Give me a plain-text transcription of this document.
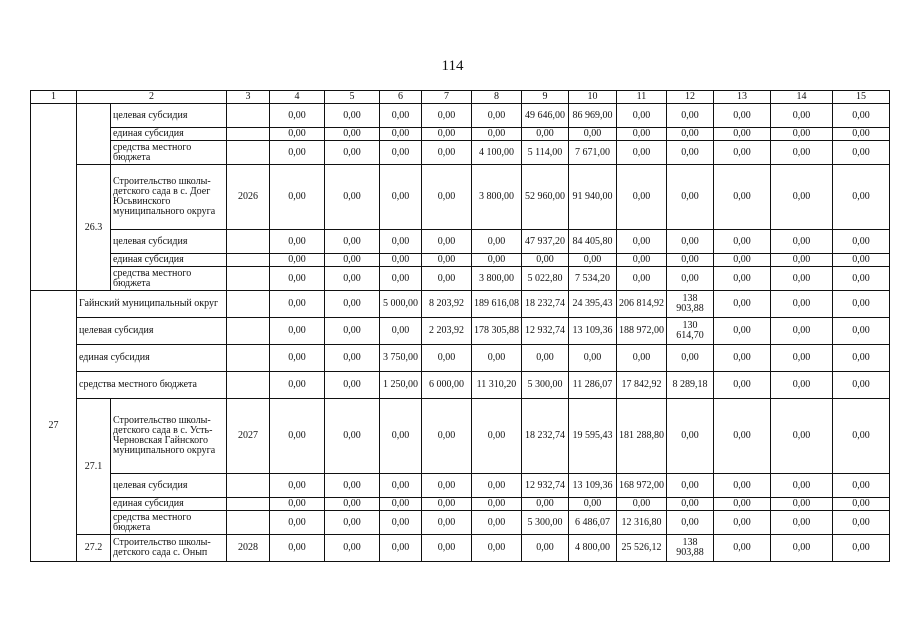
114
1	2		3	4	5	6	7	8	9	10	11	12	13	14	15
		целевая субсидия		0,00	0,00	0,00	0,00	0,00	49 646,00	86 969,00	0,00	0,00	0,00	0,00	0,00
		единая субсидия		0,00	0,00	0,00	0,00	0,00	0,00	0,00	0,00	0,00	0,00	0,00	0,00
		средства местного бюджета		0,00	0,00	0,00	0,00	4 100,00	5 114,00	7 671,00	0,00	0,00	0,00	0,00	0,00
	26.3	Строительство школы-детского сада в с. Доег Юсьвинского муниципального округа	2026	0,00	0,00	0,00	0,00	3 800,00	52 960,00	91 940,00	0,00	0,00	0,00	0,00	0,00
		целевая субсидия		0,00	0,00	0,00	0,00	0,00	47 937,20	84 405,80	0,00	0,00	0,00	0,00	0,00
		единая субсидия		0,00	0,00	0,00	0,00	0,00	0,00	0,00	0,00	0,00	0,00	0,00	0,00
		средства местного бюджета		0,00	0,00	0,00	0,00	3 800,00	5 022,80	7 534,20	0,00	0,00	0,00	0,00	0,00
27	Гайнский муниципальный округ			0,00	0,00	5 000,00	8 203,92	189 616,08	18 232,74	24 395,43	206 814,92	138 903,88	0,00	0,00	0,00
	целевая субсидия			0,00	0,00	0,00	2 203,92	178 305,88	12 932,74	13 109,36	188 972,00	130 614,70	0,00	0,00	0,00
	единая субсидия			0,00	0,00	3 750,00	0,00	0,00	0,00	0,00	0,00	0,00	0,00	0,00	0,00
	средства местного бюджета			0,00	0,00	1 250,00	6 000,00	11 310,20	5 300,00	11 286,07	17 842,92	8 289,18	0,00	0,00	0,00
	27.1	Строительство школы-детского сада в с. Усть-Черновская Гайнского муниципального округа	2027	0,00	0,00	0,00	0,00	0,00	18 232,74	19 595,43	181 288,80	0,00	0,00	0,00	0,00
		целевая субсидия		0,00	0,00	0,00	0,00	0,00	12 932,74	13 109,36	168 972,00	0,00	0,00	0,00	0,00
		единая субсидия		0,00	0,00	0,00	0,00	0,00	0,00	0,00	0,00	0,00	0,00	0,00	0,00
		средства местного бюджета		0,00	0,00	0,00	0,00	0,00	5 300,00	6 486,07	12 316,80	0,00	0,00	0,00	0,00
	27.2	Строительство школы-детского сада с. Онып	2028	0,00	0,00	0,00	0,00	0,00	0,00	4 800,00	25 526,12	138 903,88	0,00	0,00	0,00
